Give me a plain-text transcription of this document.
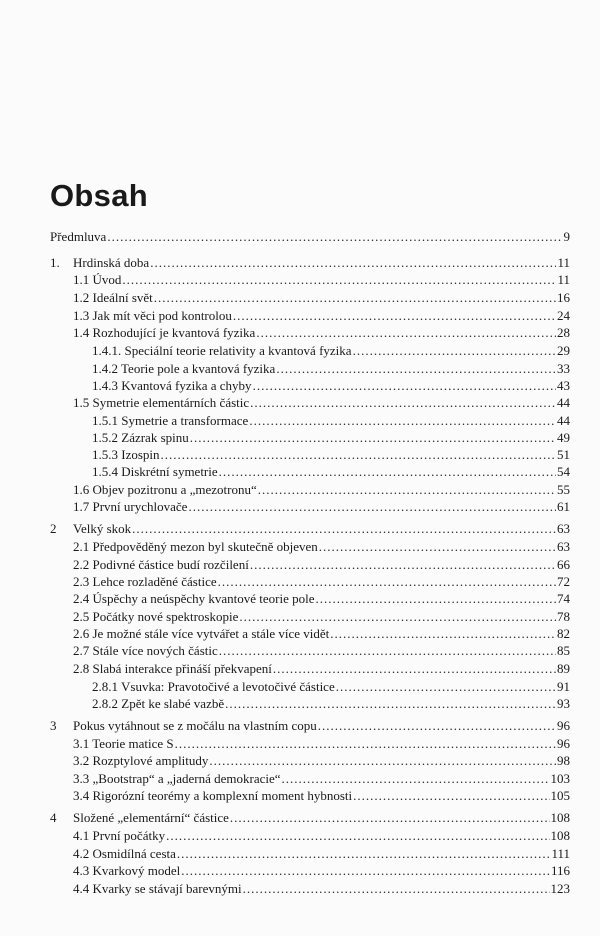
Obsah
Předmluva .....	9
1. Hrdinská doba .....	11
1.1 Úvod .....	11
1.2 Ideální svět .....	16
1.3 Jak mít věci pod kontrolou .....	24
1.4 Rozhodující je kvantová fyzika .....	28
1.4.1. Speciální teorie relativity a kvantová fyzika .....	29
1.4.2 Teorie pole a kvantová fyzika .....	33
1.4.3 Kvantová fyzika a chyby .....	43
1.5 Symetrie elementárních částic .....	44
1.5.1 Symetrie a transformace .....	44
1.5.2 Zázrak spinu .....	49
1.5.3 Izospin .....	51
1.5.4 Diskrétní symetrie .....	54
1.6 Objev pozitronu a „mezotronu“ .....	55
1.7 První urychlovače .....	61
2 Velký skok .....	63
2.1 Předpověděný mezon byl skutečně objeven .....	63
2.2 Podivné částice budí rozčilení .....	66
2.3 Lehce rozladěné částice .....	72
2.4 Úspěchy a neúspěchy kvantové teorie pole .....	74
2.5 Počátky nové spektroskopie .....	78
2.6 Je možné stále více vytvářet a stále více vidět .....	82
2.7 Stále více nových částic .....	85
2.8 Slabá interakce přináší překvapení .....	89
2.8.1 Vsuvka: Pravotočivé a levotočivé částice .....	91
2.8.2 Zpět ke slabé vazbě .....	93
3 Pokus vytáhnout se z močálu na vlastním copu .....	96
3.1 Teorie matice S .....	96
3.2 Rozptylové amplitudy .....	98
3.3 „Bootstrap“ a „jaderná demokracie“ .....	103
3.4 Rigorózní teorémy a komplexní moment hybnosti .....	105
4 Složené „elementární“ částice .....	108
4.1 První počátky .....	108
4.2 Osmidílná cesta .....	111
4.3 Kvarkový model .....	116
4.4 Kvarky se stávají barevnými .....	123
